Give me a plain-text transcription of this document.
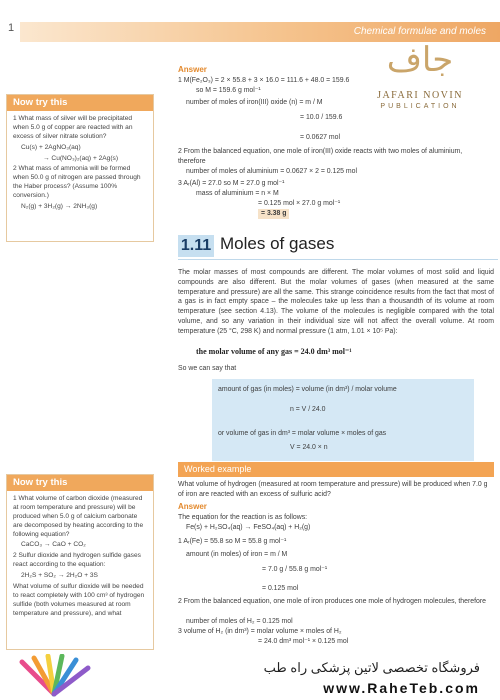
1	Chemical formulae and moles
جاف
JAFARI NOVIN
PUBLICATION
Now try this

1 What mass of silver will be precipitated when 5.0 g of copper are reacted with an excess of silver nitrate solution?

Cu(s) + 2AgNO₃(aq)

→ Cu(NO₃)₂(aq) + 2Ag(s)

2 What mass of ammonia will be formed when 50.0 g of nitrogen are passed through the Haber process? (Assume 100% conversion.)

N₂(g) + 3H₂(g) → 2NH₃(g)

Answer
1 M(Fe₂O₃) = 2 × 55.8 + 3 × 16.0 = 111.6 + 48.0 = 159.6
so M = 159.6 g mol⁻¹
number of moles of iron(III) oxide (n) = m / M
= 10.0 / 159.6
= 0.0627 mol
2 From the balanced equation, one mole of iron(III) oxide reacts with two moles of aluminium, therefore
number of moles of aluminium = 0.0627 × 2 = 0.125 mol
3 Aᵣ(Al) = 27.0 so M = 27.0 g mol⁻¹
mass of aluminium = n × M
= 0.125 mol × 27.0 g mol⁻¹
= 3.38 g
1.11 Moles of gases
The molar masses of most compounds are different. The molar volumes of most solid and liquid compounds are also different. But the molar volumes of gases (when measured at the same temperature and pressure) are all the same. This strange coincidence results from the fact that most of a gas is in fact empty space – the molecules take up less than a thousandth of its volume at room temperature (see section 4.13). The volume of the molecules is negligible compared with the total volume, and so any variation in their individual size will not affect the overall volume. At room temperature (25 °C, 298 K) and normal pressure (1 atm, 1.01 × 10⁵ Pa):
the molar volume of any gas = 24.0 dm³ mol⁻¹
So we can say that
amount of gas (in moles) = volume (in dm³) / molar volume
n = V / 24.0
or volume of gas in dm³ = molar volume × moles of gas
V = 24.0 × n
Now try this

1 What volume of carbon dioxide (measured at room temperature and pressure) will be produced when 5.0 g of calcium carbonate are decomposed by heating according to the following equation?

CaCO₃ → CaO + CO₂

2 Sulfur dioxide and hydrogen sulfide gases react according to the equation:

2H₂S + SO₂ → 2H₂O + 3S

What volume of sulfur dioxide will be needed to react completely with 100 cm³ of hydrogen sulfide (both volumes measured at room temperature and pressure), and what

Worked example
What volume of hydrogen (measured at room temperature and pressure) will be produced when 7.0 g of iron are reacted with an excess of sulfuric acid?
Answer
The equation for the reaction is as follows:
Fe(s) + H₂SO₄(aq) → FeSO₄(aq) + H₂(g)
1 Aᵣ(Fe) = 55.8 so M = 55.8 g mol⁻¹
amount (in moles) of iron = m / M
= 7.0 g / 55.8 g mol⁻¹
= 0.125 mol
2 From the balanced equation, one mole of iron produces one mole of hydrogen molecules, therefore
number of moles of H₂ = 0.125 mol
3 volume of H₂ (in dm³) = molar volume × moles of H₂
= 24.0 dm³ mol⁻¹ × 0.125 mol
فروشگاه تخصصی لاتین پزشکی راه طب
www.RaheTeb.com
